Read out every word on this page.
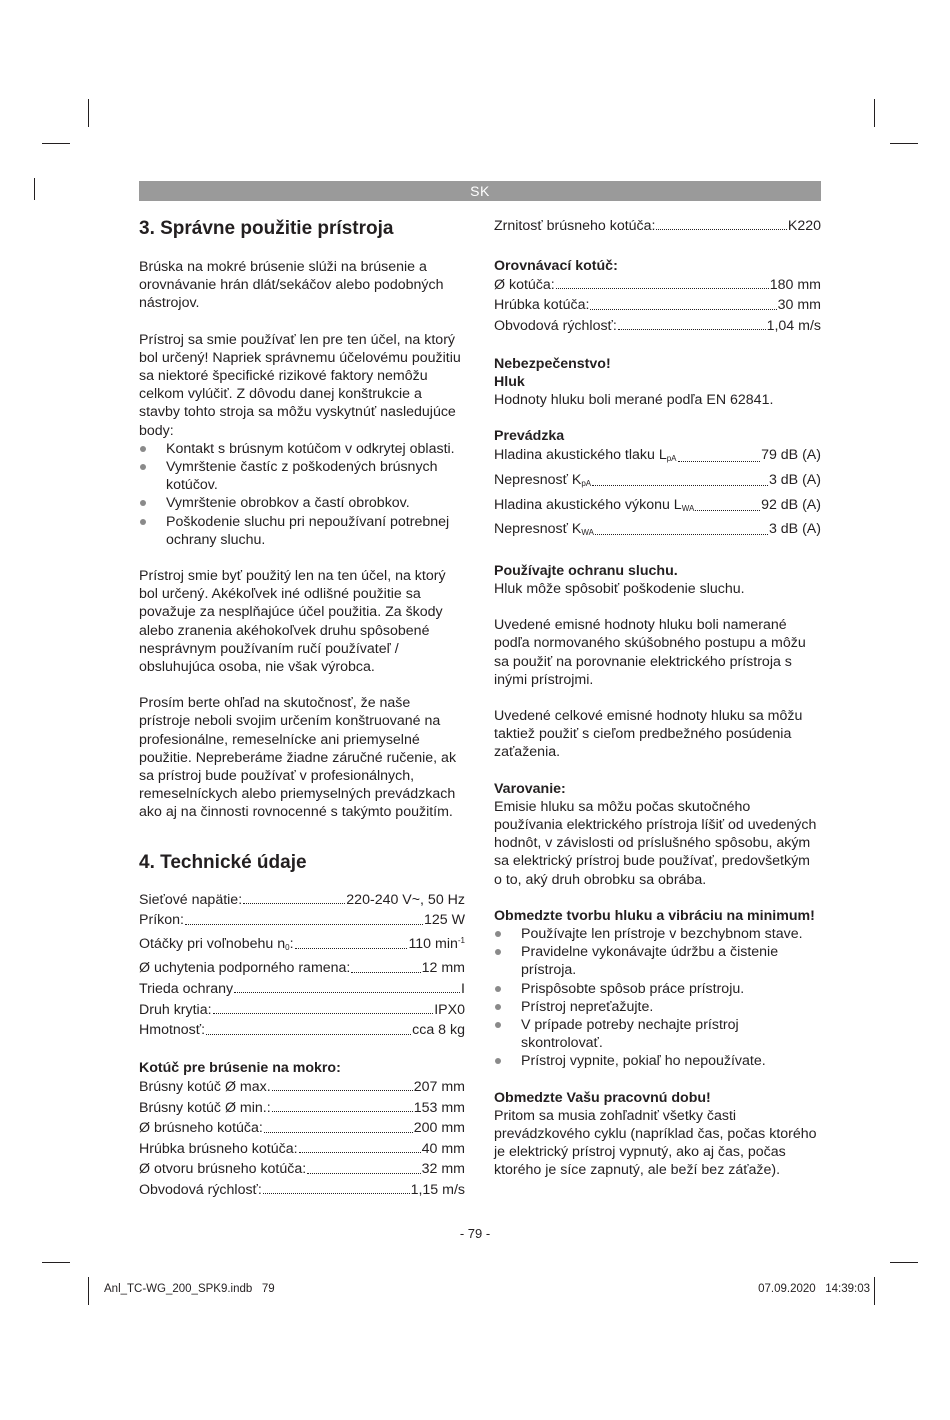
SK
3. Správne použitie prístroja

Brúska na mokré brúsenie slúži na brúsenie a orovnávanie hrán dlát/sekáčov alebo podobných nástrojov.

Prístroj sa smie používať len pre ten účel, na ktorý bol určený! Napriek správnemu účelovému použitiu sa niektoré špecifické rizikové faktory nemôžu celkom vylúčiť. Z dôvodu danej konštrukcie a stavby tohto stroja sa môžu vyskytnúť nasledujúce body:

Kontakt s brúsnym kotúčom v odkrytej oblasti.
Vymrštenie častíc z poškodených brúsnych kotúčov.
Vymrštenie obrobkov a častí obrobkov.
Poškodenie sluchu pri nepoužívaní potrebnej ochrany sluchu.

Prístroj smie byť použitý len na ten účel, na ktorý bol určený. Akékoľvek iné odlišné použitie sa považuje za nesplňajúce účel použitia. Za škody alebo zranenia akéhokoľvek druhu spôsobené nesprávnym používaním ručí používateľ / obsluhujúca osoba, nie však výrobca.

Prosím berte ohľad na skutočnosť, že naše prístroje neboli svojim určením konštruované na profesionálne, remeselnícke ani priemyselné použitie. Nepreberáme žiadne záručné ručenie, ak sa prístroj bude používať v profesionálnych, remeselníckych alebo priemyselných prevádzkach ako aj na činnosti rovnocenné s takýmto použitím.

4. Technické údaje
Sieťové napätie:	220-240 V~, 50 Hz
Príkon:	125 W
Otáčky pri voľnobehu $n_0$:	110 $\min^{-1}$
Ø uchytenia podporného ramena:	12 mm
Trieda ochrany	I
Druh krytia:	IPX0
Hmotnosť:	cca 8 kg
Kotúč pre brúsenie na mokro:
Brúsny kotúč Ø max.	207 mm
Brúsny kotúč Ø min.:	153 mm
Ø brúsneho kotúča:	200 mm
Hrúbka brúsneho kotúča:	40 mm
Ø otvoru brúsneho kotúča:	32 mm
Obvodová rýchlosť:	1,15 m/s
Zrnitosť brúsneho kotúča:	K220
Orovnávací kotúč:
Ø kotúča:	180 mm
Hrúbka kotúča:	30 mm
Obvodová rýchlosť:	1,04 m/s
Nebezpečenstvo!
Hluk

Hodnoty hluku boli merané podľa EN 62841.

Prevádzka
Hladina akustického tlaku $L_{pA}$	79 dB (A)
Nepresnosť $K_{pA}$	3 dB (A)
Hladina akustického výkonu $L_{WA}$	92 dB (A)
Nepresnosť $K_{WA}$	3 dB (A)
Používajte ochranu sluchu.

Hluk môže spôsobiť poškodenie sluchu.

Uvedené emisné hodnoty hluku boli namerané podľa normovaného skúšobného postupu a môžu sa použiť na porovnanie elektrického prístroja s inými prístrojmi.

Uvedené celkové emisné hodnoty hluku sa môžu taktiež použiť s cieľom predbežného posúdenia zaťaženia.

Varovanie:

Emisie hluku sa môžu počas skutočného používania elektrického prístroja líšiť od uvedených hodnôt, v závislosti od príslušného spôsobu, akým sa elektrický prístroj bude používať, predovšetkým o to, aký druh obrobku sa obrába.

Obmedzte tvorbu hluku a vibráciu na minimum!
Používajte len prístroje v bezchybnom stave.
Pravidelne vykonávajte údržbu a čistenie prístroja.
Prispôsobte spôsob práce prístroju.
Prístroj nepreťažujte.
V prípade potreby nechajte prístroj skontrolovať.
Prístroj vypnite, pokiaľ ho nepoužívate.
Obmedzte Vašu pracovnú dobu!

Pritom sa musia zohľadniť všetky časti prevádzkového cyklu (napríklad čas, počas ktorého je elektrický prístroj vypnutý, ako aj čas, počas ktorého je síce zapnutý, ale beží bez záťaže).

- 79 -
Anl_TC-WG_200_SPK9.indb   79	07.09.2020   14:39:03
